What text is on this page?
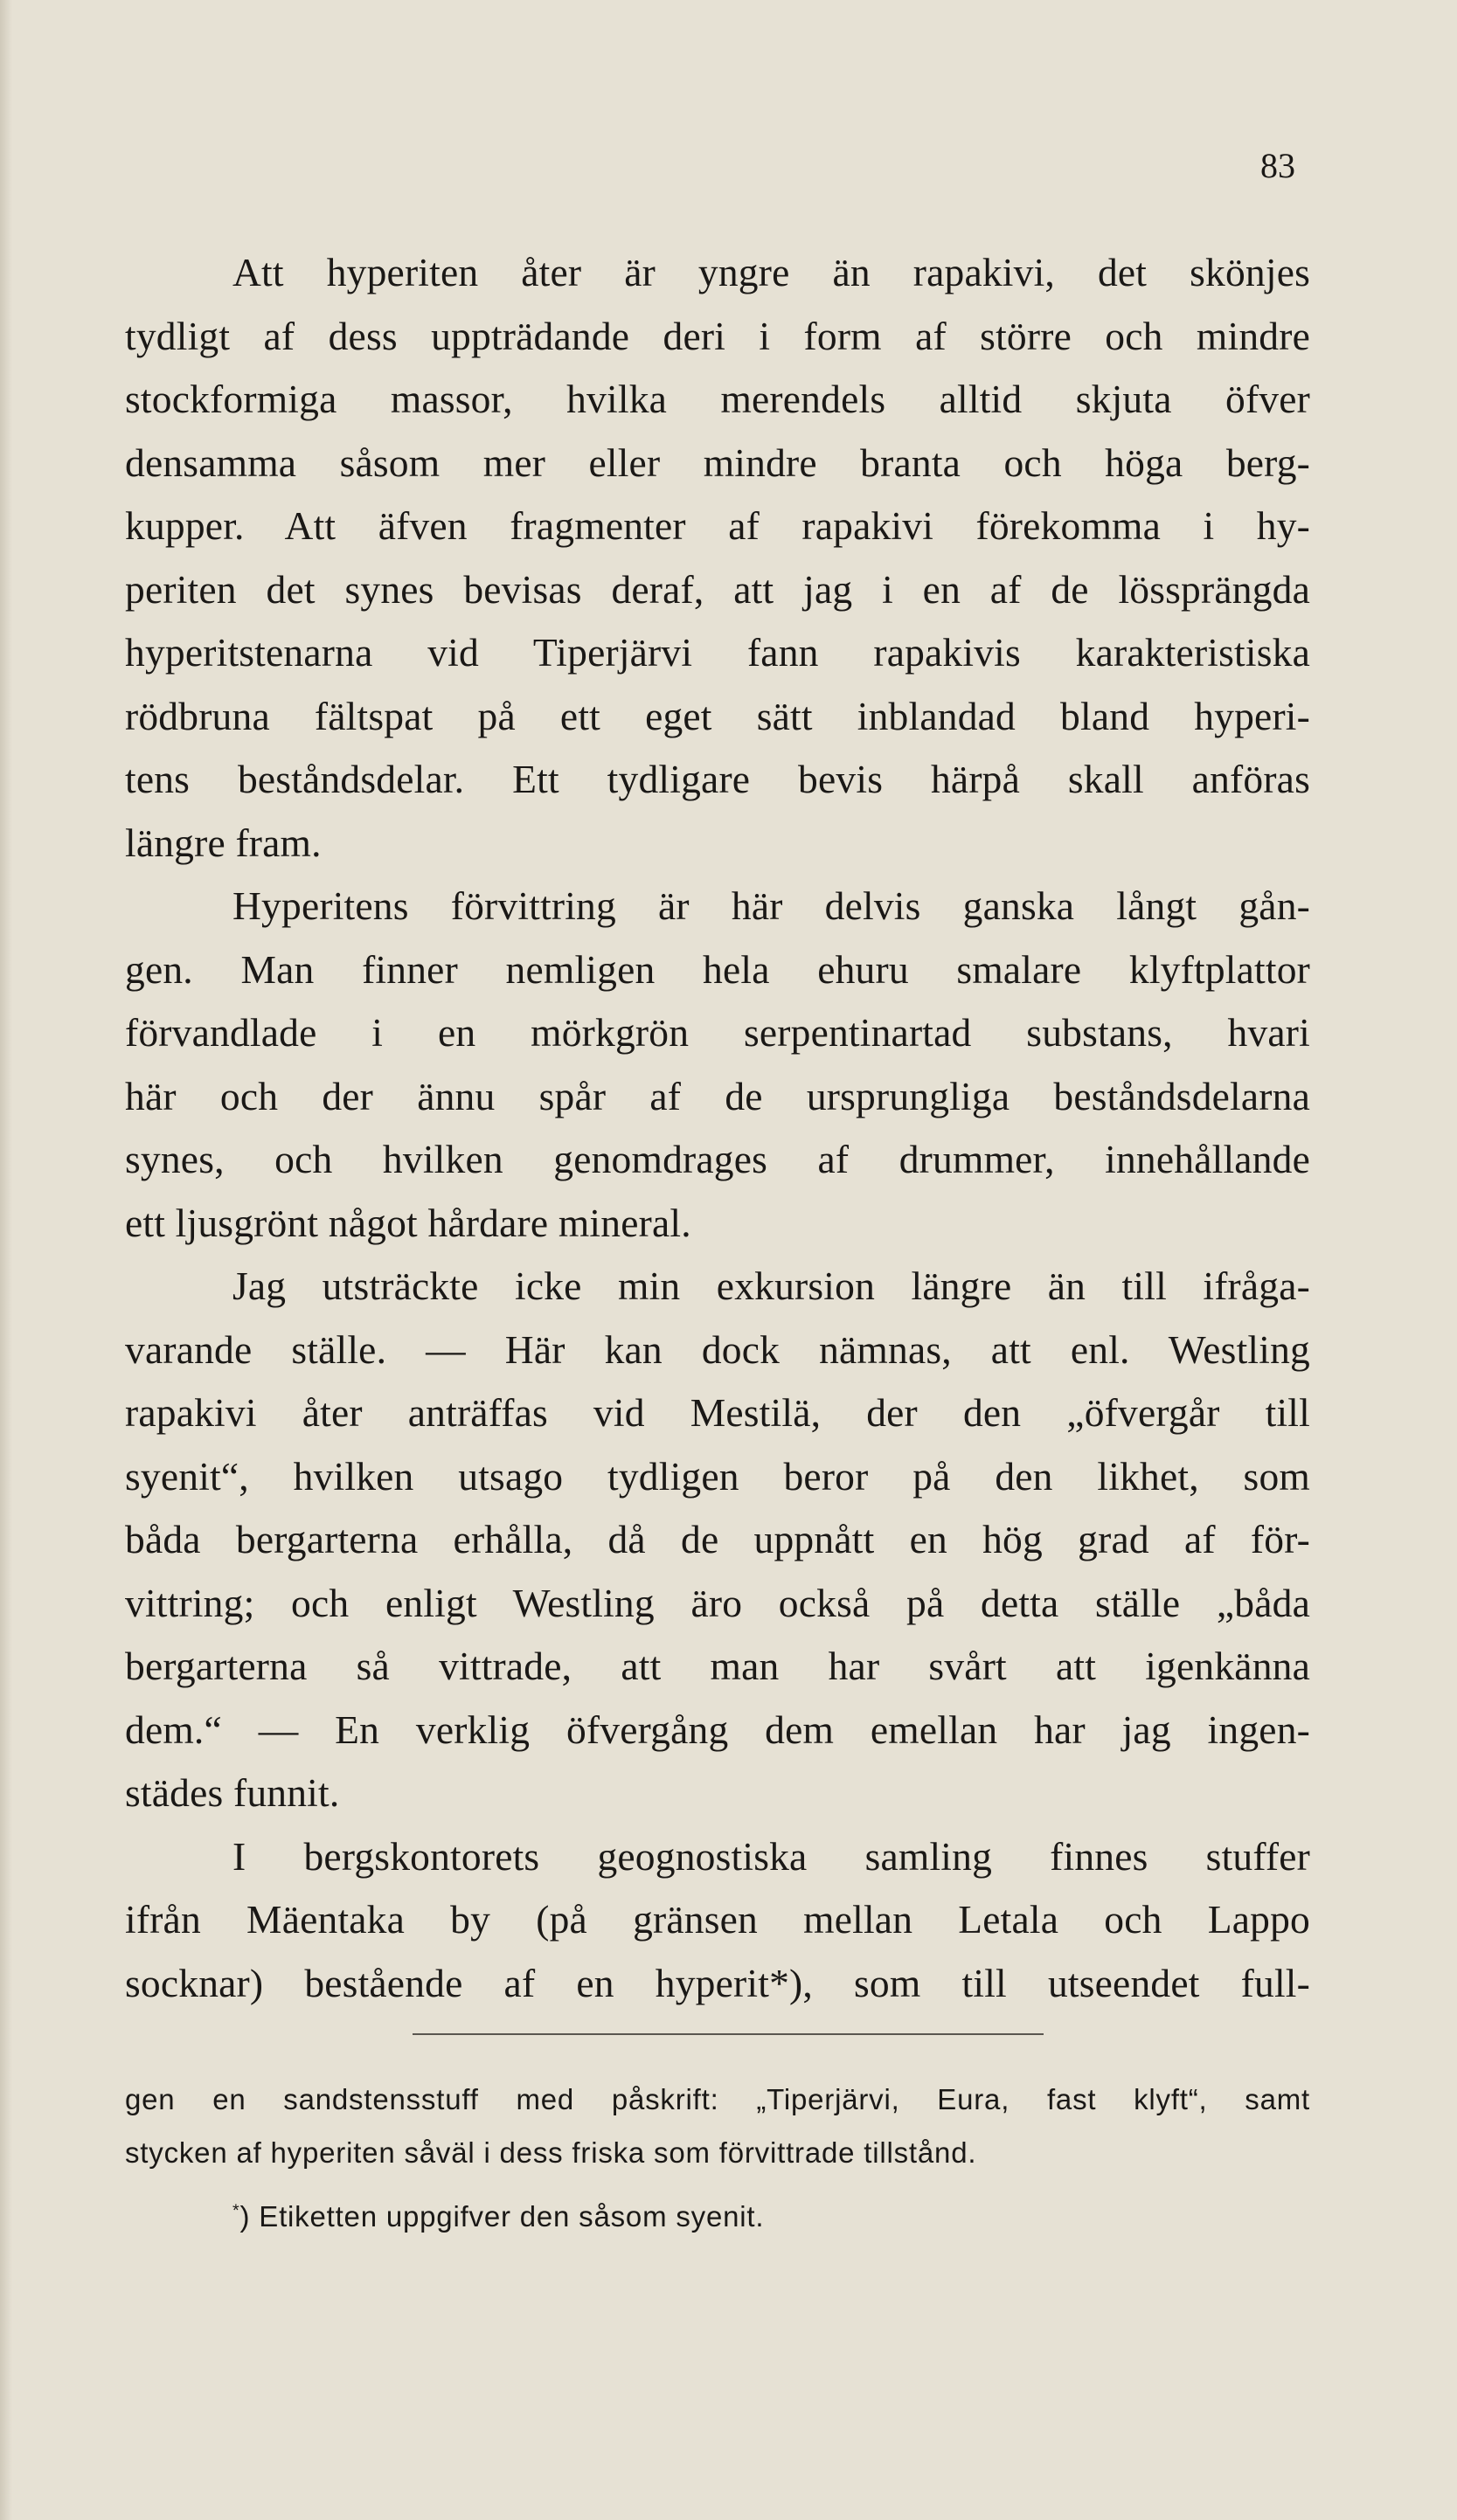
83
Att hyperiten åter är yngre än rapakivi, det skönjes
tydligt af dess uppträdande deri i form af större och mindre
stockformiga massor, hvilka merendels alltid skjuta öfver
densamma såsom mer eller mindre branta och höga berg-
kupper. Att äfven fragmenter af rapakivi förekomma i hy-
periten det synes bevisas deraf, att jag i en af de lössprängda
hyperitstenarna vid Tiperjärvi fann rapakivis karakteristiska
rödbruna fältspat på ett eget sätt inblandad bland hyperi-
tens beståndsdelar. Ett tydligare bevis härpå skall anföras
längre fram.
Hyperitens förvittring är här delvis ganska långt gån-
gen. Man finner nemligen hela ehuru smalare klyftplattor
förvandlade i en mörkgrön serpentinartad substans, hvari
här och der ännu spår af de ursprungliga beståndsdelarna
synes, och hvilken genomdrages af drummer, innehållande
ett ljusgrönt något hårdare mineral.
Jag utsträckte icke min exkursion längre än till ifråga-
varande ställe. — Här kan dock nämnas, att enl. Westling
rapakivi åter anträffas vid Mestilä, der den „öfvergår till
syenit“, hvilken utsago tydligen beror på den likhet, som
båda bergarterna erhålla, då de uppnått en hög grad af för-
vittring; och enligt Westling äro också på detta ställe „båda
bergarterna så vittrade, att man har svårt att igenkänna
dem.“ — En verklig öfvergång dem emellan har jag ingen-
städes funnit.
I bergskontorets geognostiska samling finnes stuffer
ifrån Mäentaka by (på gränsen mellan Letala och Lappo
socknar) bestående af en hyperit*), som till utseendet full-
gen en sandstensstuff med påskrift: „Tiperjärvi, Eura, fast klyft“, samt
stycken af hyperiten såväl i dess friska som förvittrade tillstånd.
*) Etiketten uppgifver den såsom syenit.
